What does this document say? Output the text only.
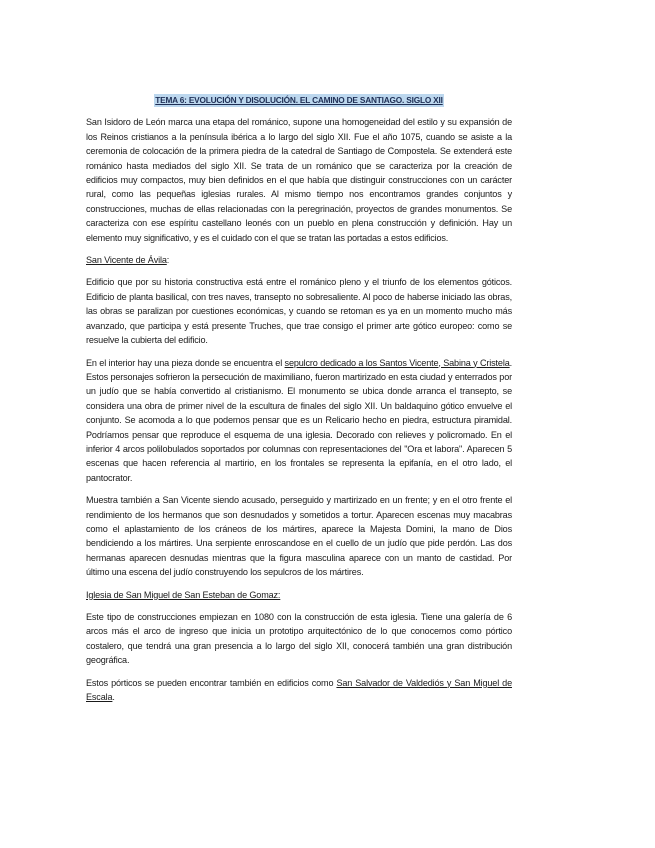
TEMA 6: EVOLUCIÓN Y DISOLUCIÓN. EL CAMINO DE SANTIAGO. SIGLO XII

San Isidoro de León marca una etapa del románico, supone una homogeneidad del estilo y su expansión de los Reinos cristianos a la península ibérica a lo largo del siglo XII. Fue el año 1075, cuando se asiste a la ceremonia de colocación de la primera piedra de la catedral de Santiago de Compostela. Se extenderá este románico hasta mediados del siglo XII. Se trata de un románico que se caracteriza por la creación de edificios muy compactos, muy bien definidos en el que había que distinguir construcciones con un carácter rural, como las pequeñas iglesias rurales. Al mismo tiempo nos encontramos grandes conjuntos y construcciones, muchas de ellas relacionadas con la peregrinación, proyectos de grandes monumentos. Se caracteriza con ese espíritu castellano leonés con un pueblo en plena construcción y definición. Hay un elemento muy significativo, y es el cuidado con el que se tratan las portadas a estos edificios.

San Vicente de Ávila:

Edificio que por su historia constructiva está entre el románico pleno y el triunfo de los elementos góticos. Edificio de planta basilical, con tres naves, transepto no sobresaliente. Al poco de haberse iniciado las obras, las obras se paralizan por cuestiones económicas, y cuando se retoman es ya en un momento mucho más avanzado, que participa y está presente Truches, que trae consigo el primer arte gótico europeo: como se resuelve la cubierta del edificio.

En el interior hay una pieza donde se encuentra el sepulcro dedicado a los Santos Vicente, Sabina y Cristela. Estos personajes sofrieron la persecución de maximiliano, fueron martirizado en esta ciudad y enterrados por un judío que se había convertido al cristianismo. El monumento se ubica donde arranca el transepto, se considera una obra de primer nivel de la escultura de finales del siglo XII. Un baldaquino gótico envuelve el conjunto. Se acomoda a lo que podemos pensar que es un Relicario hecho en piedra, estructura piramidal. Podríamos pensar que reproduce el esquema de una iglesia. Decorado con relieves y policromado. En el inferior 4 arcos polilobulados soportados por columnas con representaciones del "Ora et labora". Aparecen 5 escenas que hacen referencia al martirio, en los frontales se representa la epifanía, en el otro lado, el pantocrator.

Muestra también a San Vicente siendo acusado, perseguido y martirizado en un frente; y en el otro frente el rendimiento de los hermanos que son desnudados y sometidos a tortur. Aparecen escenas muy macabras como el aplastamiento de los cráneos de los mártires, aparece la Majesta Domini, la mano de Dios bendiciendo a los mártires. Una serpiente enroscandose en el cuello de un judío que pide perdón. Las dos hermanas aparecen desnudas mientras que la figura masculina aparece con un manto de castidad. Por último una escena del judío construyendo los sepulcros de los mártires.

Iglesia de San Miguel de San Esteban de Gomaz:

Este tipo de construcciones empiezan en 1080 con la construcción de esta iglesia. Tiene una galería de 6 arcos más el arco de ingreso que inicia un prototipo arquitectónico de lo que conocemos como pórtico costalero, que tendrá una gran presencia a lo largo del siglo XII, conocerá también una gran distribución geográfica.

Estos pórticos se pueden encontrar también en edificios como San Salvador de Valdediós y San Miguel de Escala.
